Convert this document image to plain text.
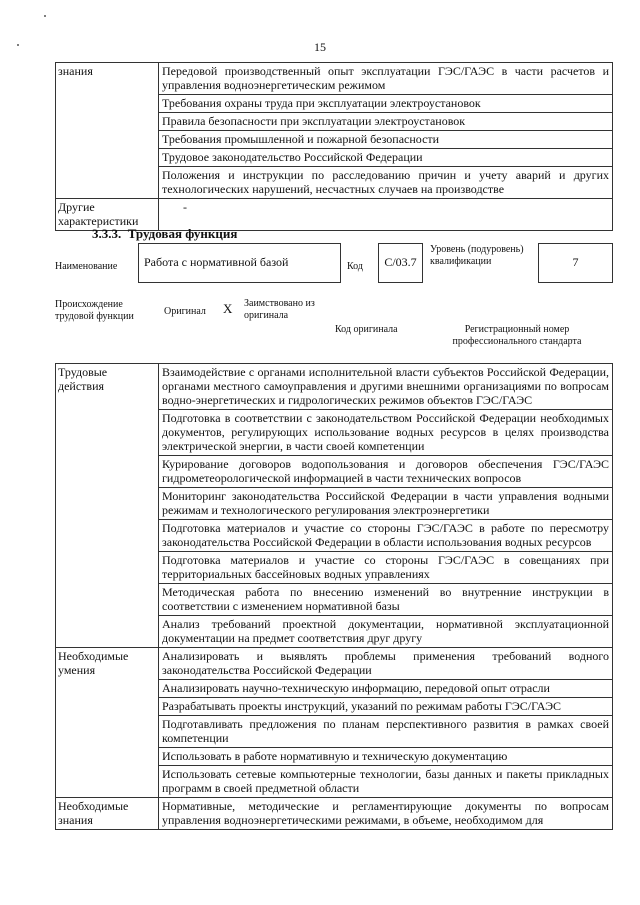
15
знания	Передовой производственный опыт эксплуатации ГЭС/ГАЭС в части расчетов и управления водноэнергетическим режимом
	Требования охраны труда при эксплуатации электроустановок
	Правила безопасности при эксплуатации электроустановок
	Требования промышленной и пожарной безопасности
	Трудовое законодательство Российской Федерации
	Положения и инструкции по расследованию причин и учету аварий и других технологических нарушений, несчастных случаев на производстве
Другие характеристики	-
3.3.3. Трудовая функция
Наименование	Работа с нормативной базой	Код	С/03.7
Уровень (подуровень) квалификации	7
Происхождение трудовой функции	Оригинал X Заимствовано из оригинала
Код оригинала	Регистрационный номер профессионального стандарта
Трудовые действия	Взаимодействие с органами исполнительной власти субъектов Российской Федерации, органами местного самоуправления и другими внешними организациями по вопросам водно-энергетических и гидрологических режимов объектов ГЭС/ГАЭС
	Подготовка в соответствии с законодательством Российской Федерации необходимых документов, регулирующих использование водных ресурсов в целях производства электрической энергии, в части своей компетенции
	Курирование договоров водопользования и договоров обеспечения ГЭС/ГАЭС гидрометеорологической информацией в части технических вопросов
	Мониторинг законодательства Российской Федерации в части управления водными режимам и технологического регулирования электроэнергетики
	Подготовка материалов и участие со стороны ГЭС/ГАЭС в работе по пересмотру законодательства Российской Федерации в области использования водных ресурсов
	Подготовка материалов и участие со стороны ГЭС/ГАЭС в совещаниях при территориальных бассейновых водных управлениях
	Методическая работа по внесению изменений во внутренние инструкции в соответствии с изменением нормативной базы
	Анализ требований проектной документации, нормативной эксплуатационной документации на предмет соответствия друг другу
Необходимые умения	Анализировать и выявлять проблемы применения требований водного законодательства Российской Федерации
	Анализировать научно-техническую информацию, передовой опыт отрасли
	Разрабатывать проекты инструкций, указаний по режимам работы ГЭС/ГАЭС
	Подготавливать предложения по планам перспективного развития в рамках своей компетенции
	Использовать в работе нормативную и техническую документацию
	Использовать сетевые компьютерные технологии, базы данных и пакеты прикладных программ в своей предметной области
Необходимые знания	Нормативные, методические и регламентирующие документы по вопросам управления водноэнергетическими режимами, в объеме, необходимом для
